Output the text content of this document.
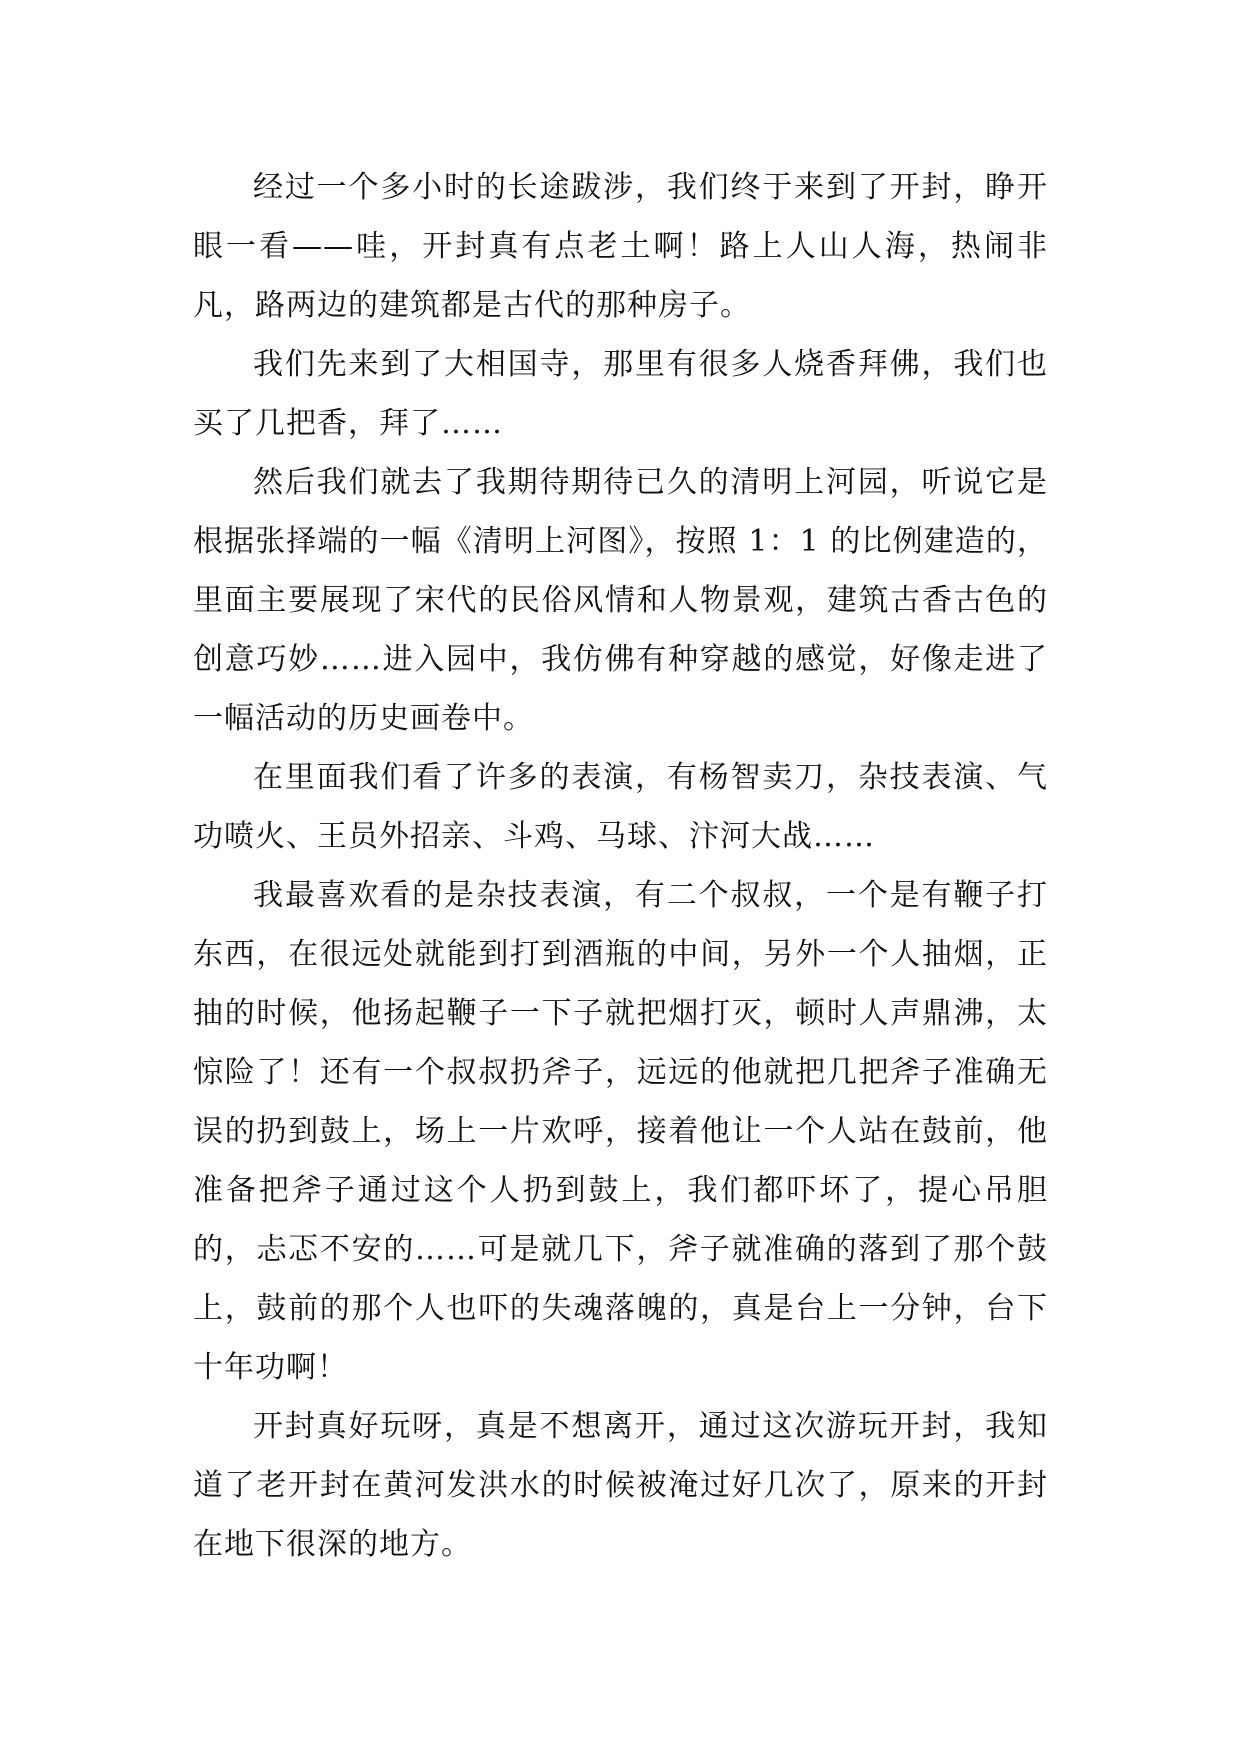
经过一个多小时的长途跋涉，我们终于来到了开封，睁开眼一看——哇，开封真有点老土啊！路上人山人海，热闹非凡，路两边的建筑都是古代的那种房子。

我们先来到了大相国寺，那里有很多人烧香拜佛，我们也买了几把香，拜了……

然后我们就去了我期待期待已久的清明上河园，听说它是根据张择端的一幅《清明上河图》，按照 1：1 的比例建造的，里面主要展现了宋代的民俗风情和人物景观，建筑古香古色的创意巧妙……进入园中，我仿佛有种穿越的感觉，好像走进了一幅活动的历史画卷中。

在里面我们看了许多的表演，有杨智卖刀，杂技表演、气功喷火、王员外招亲、斗鸡、马球、汴河大战……

我最喜欢看的是杂技表演，有二个叔叔，一个是有鞭子打东西，在很远处就能到打到酒瓶的中间，另外一个人抽烟，正抽的时候，他扬起鞭子一下子就把烟打灭，顿时人声鼎沸，太惊险了！还有一个叔叔扔斧子，远远的他就把几把斧子准确无误的扔到鼓上，场上一片欢呼，接着他让一个人站在鼓前，他准备把斧子通过这个人扔到鼓上，我们都吓坏了，提心吊胆的，忐忑不安的……可是就几下，斧子就准确的落到了那个鼓上，鼓前的那个人也吓的失魂落魄的，真是台上一分钟，台下十年功啊！

开封真好玩呀，真是不想离开，通过这次游玩开封，我知道了老开封在黄河发洪水的时候被淹过好几次了，原来的开封在地下很深的地方。
